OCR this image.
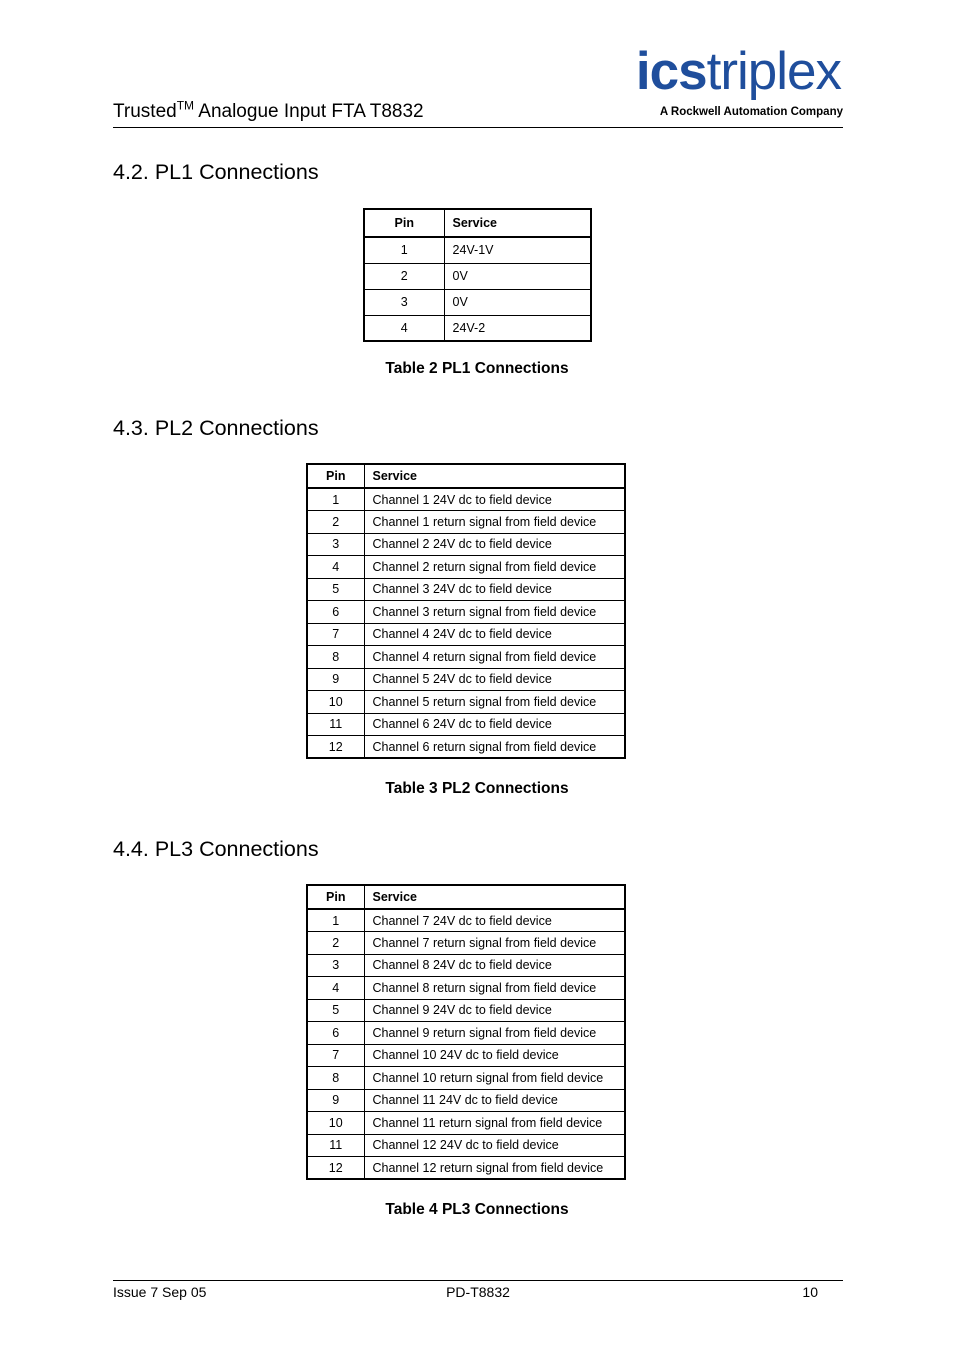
Trusted™ Analogue Input FTA T8832
icstriplex
A Rockwell Automation Company
4.2. PL1 Connections
Pin	Service
1	24V-1V
2	0V
3	0V
4	24V-2
Table 2 PL1 Connections
4.3. PL2 Connections
Pin	Service
1	Channel 1 24V dc to field device
2	Channel 1 return signal from field device
3	Channel 2 24V dc to field device
4	Channel 2 return signal from field device
5	Channel 3 24V dc to field device
6	Channel 3 return signal from field device
7	Channel 4 24V dc to field device
8	Channel 4 return signal from field device
9	Channel 5 24V dc to field device
10	Channel 5 return signal from field device
11	Channel 6 24V dc to field device
12	Channel 6 return signal from field device
Table 3 PL2 Connections
4.4. PL3 Connections
Pin	Service
1	Channel 7 24V dc to field device
2	Channel 7 return signal from field device
3	Channel 8 24V dc to field device
4	Channel 8 return signal from field device
5	Channel 9 24V dc to field device
6	Channel 9 return signal from field device
7	Channel 10 24V dc to field device
8	Channel 10 return signal from field device
9	Channel 11 24V dc to field device
10	Channel 11 return signal from field device
11	Channel 12 24V dc to field device
12	Channel 12 return signal from field device
Table 4 PL3 Connections
Issue 7 Sep 05	PD-T8832	10
